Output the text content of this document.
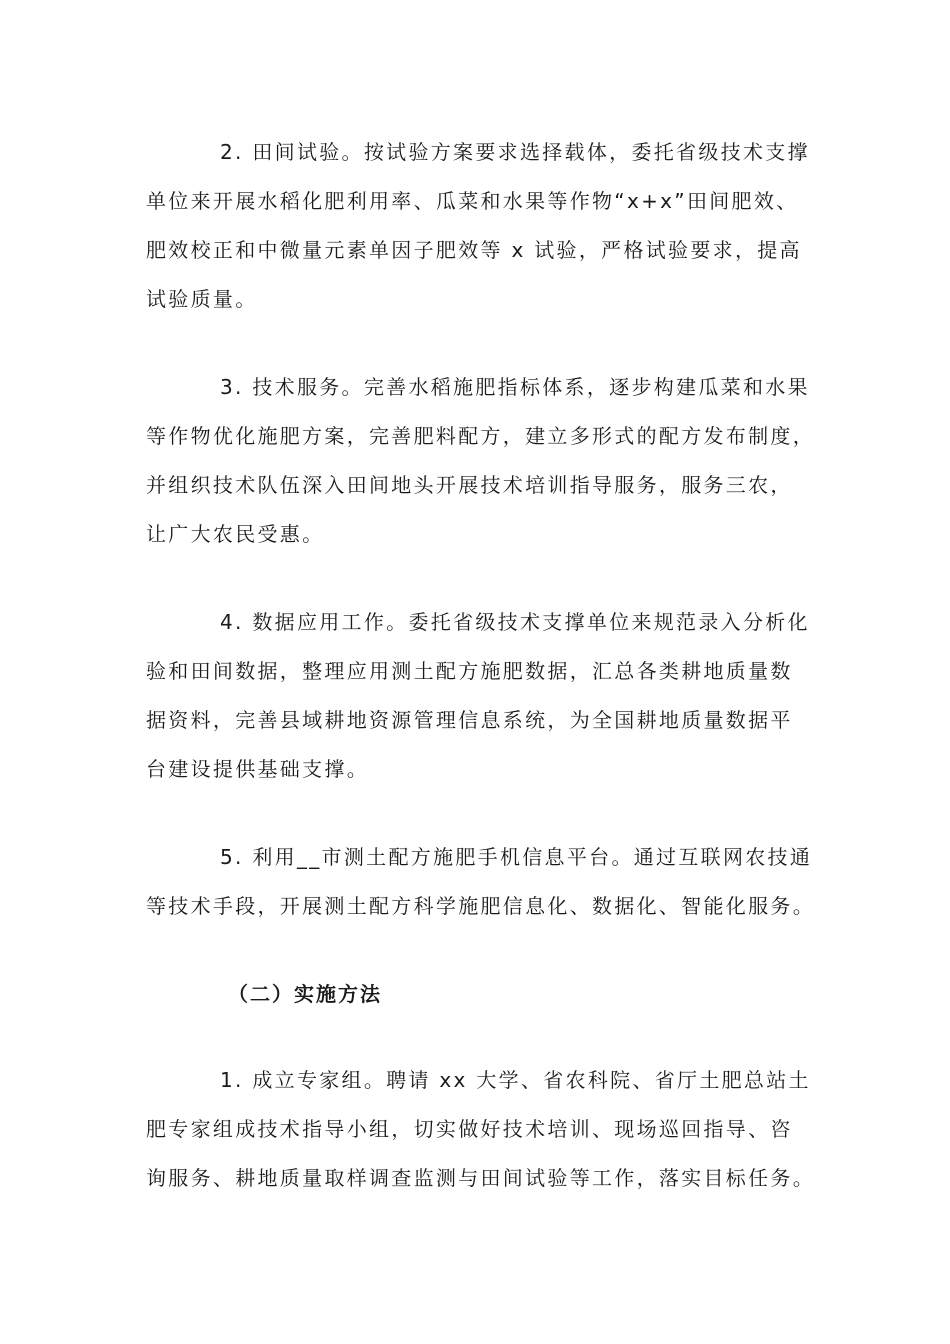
2. 田间试验。按试验方案要求选择载体，委托省级技术支撑
单位来开展水稻化肥利用率、瓜菜和水果等作物“x+x”田间肥效、
肥效校正和中微量元素单因子肥效等 x 试验，严格试验要求，提高
试验质量。
3. 技术服务。完善水稻施肥指标体系，逐步构建瓜菜和水果
等作物优化施肥方案，完善肥料配方，建立多形式的配方发布制度，
并组织技术队伍深入田间地头开展技术培训指导服务，服务三农，
让广大农民受惠。
4. 数据应用工作。委托省级技术支撑单位来规范录入分析化
验和田间数据，整理应用测土配方施肥数据，汇总各类耕地质量数
据资料，完善县域耕地资源管理信息系统，为全国耕地质量数据平
台建设提供基础支撑。
5. 利用__市测土配方施肥手机信息平台。通过互联网农技通
等技术手段，开展测土配方科学施肥信息化、数据化、智能化服务。
（二）实施方法
1. 成立专家组。聘请 xx 大学、省农科院、省厅土肥总站土
肥专家组成技术指导小组，切实做好技术培训、现场巡回指导、咨
询服务、耕地质量取样调查监测与田间试验等工作，落实目标任务。
